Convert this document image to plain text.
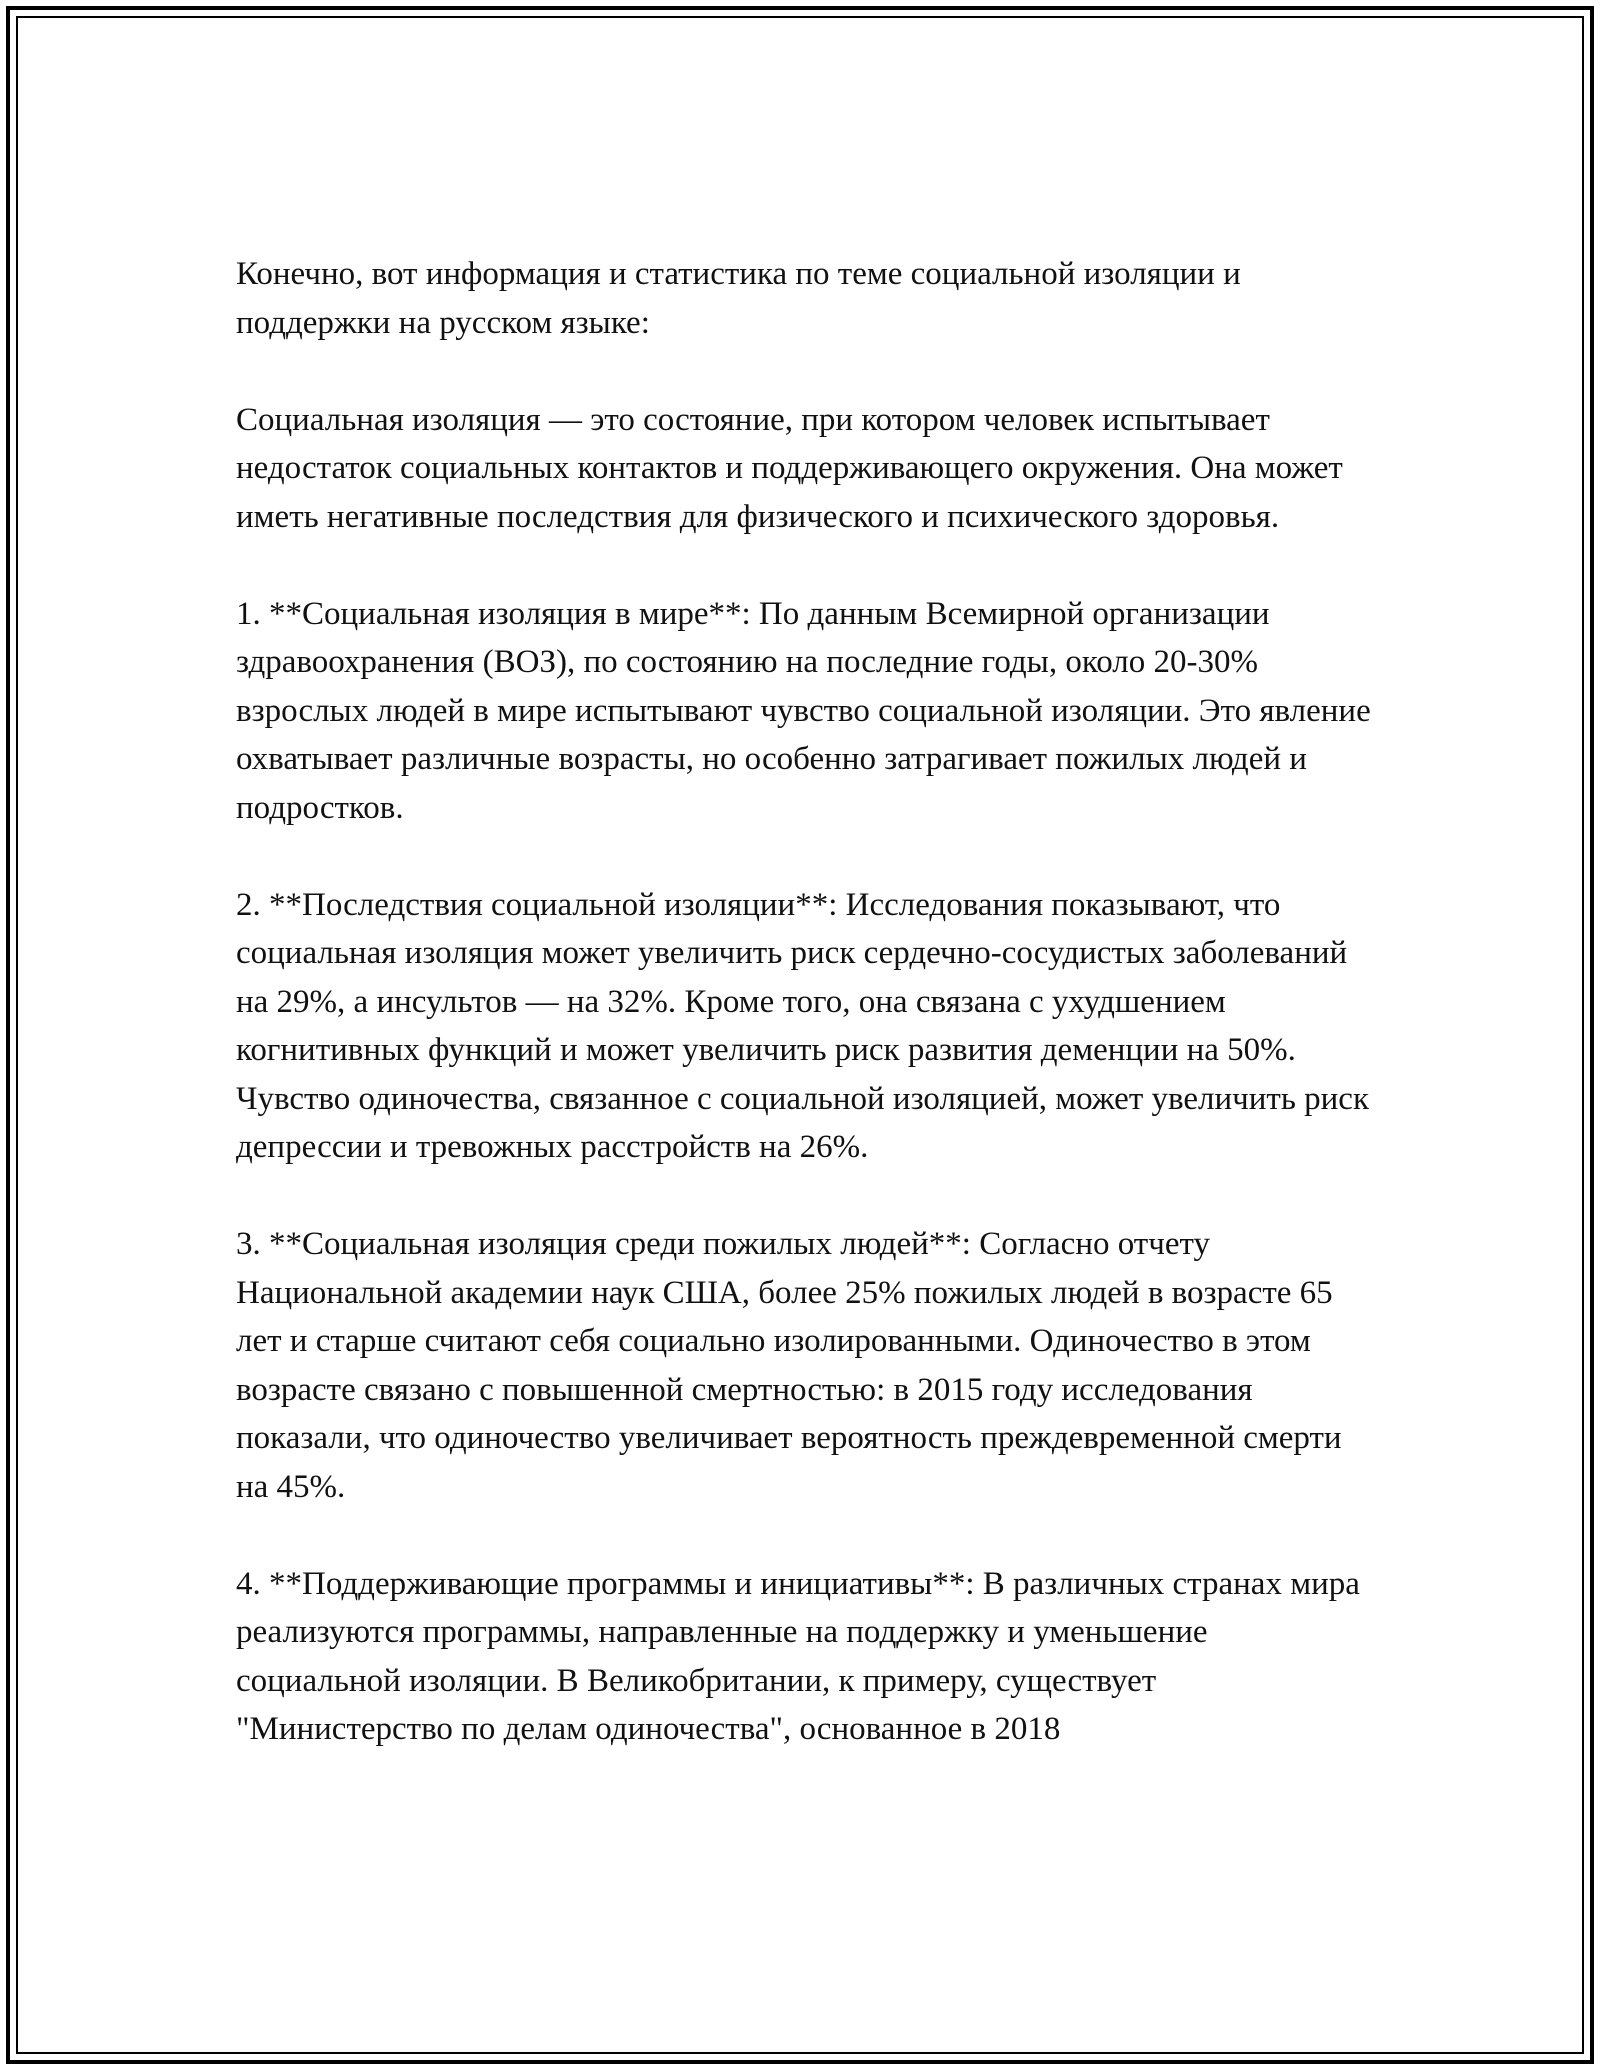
Конечно, вот информация и статистика по теме социальной изоляции и поддержки на русском языке:

Социальная изоляция — это состояние, при котором человек испытывает недостаток социальных контактов и поддерживающего окружения. Она может иметь негативные последствия для физического и психического здоровья.

1. **Социальная изоляция в мире**: По данным Всемирной организации здравоохранения (ВОЗ), по состоянию на последние годы, около 20-30% взрослых людей в мире испытывают чувство социальной изоляции. Это явление охватывает различные возрасты, но особенно затрагивает пожилых людей и подростков.

2. **Последствия социальной изоляции**: Исследования показывают, что социальная изоляция может увеличить риск сердечно-сосудистых заболеваний на 29%, а инсультов — на 32%. Кроме того, она связана с ухудшением когнитивных функций и может увеличить риск развития деменции на 50%. Чувство одиночества, связанное с социальной изоляцией, может увеличить риск депрессии и тревожных расстройств на 26%.

3. **Социальная изоляция среди пожилых людей**: Согласно отчету Национальной академии наук США, более 25% пожилых людей в возрасте 65 лет и старше считают себя социально изолированными. Одиночество в этом возрасте связано с повышенной смертностью: в 2015 году исследования показали, что одиночество увеличивает вероятность преждевременной смерти на 45%.

4. **Поддерживающие программы и инициативы**: В различных странах мира реализуются программы, направленные на поддержку и уменьшение социальной изоляции. В Великобритании, к примеру, существует "Министерство по делам одиночества", основанное в 2018
